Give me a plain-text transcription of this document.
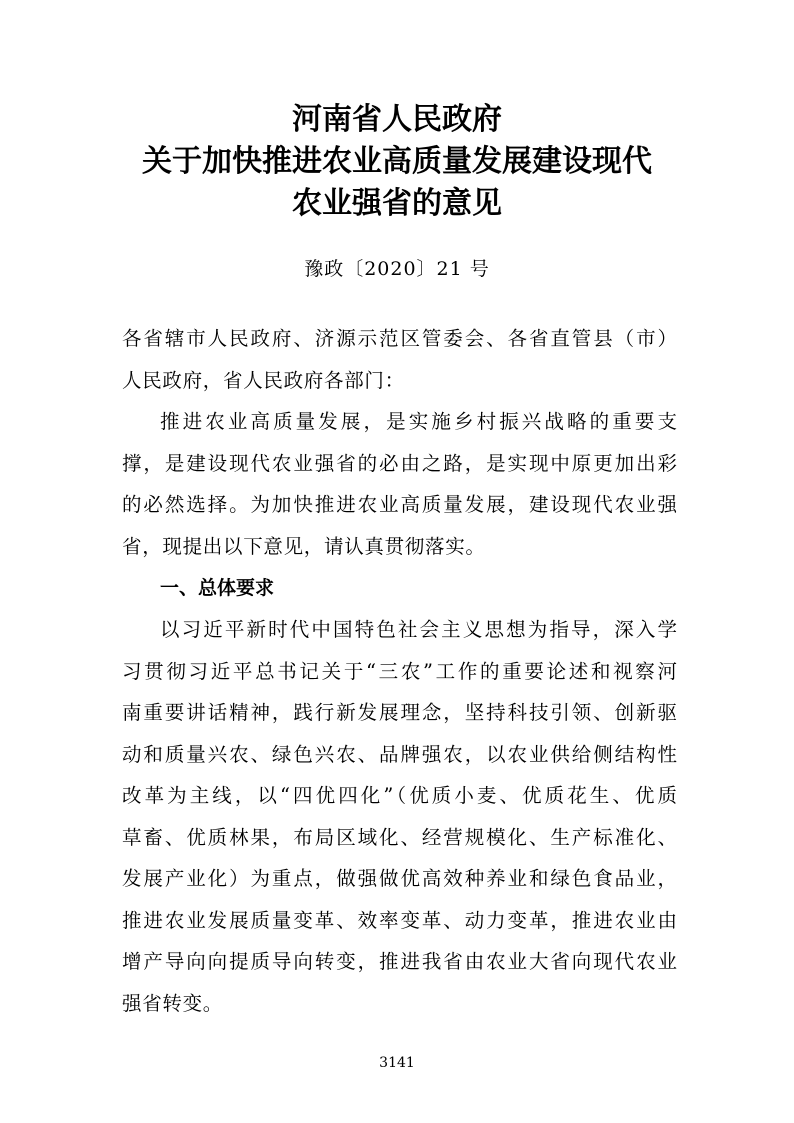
河南省人民政府
关于加快推进农业高质量发展建设现代
农业强省的意见
豫政〔2020〕21 号
各省辖市人民政府、济源示范区管委会、各省直管县（市）
人民政府，省人民政府各部门：
推进农业高质量发展，是实施乡村振兴战略的重要支
撑，是建设现代农业强省的必由之路，是实现中原更加出彩
的必然选择。为加快推进农业高质量发展，建设现代农业强
省，现提出以下意见，请认真贯彻落实。
一、总体要求
以习近平新时代中国特色社会主义思想为指导，深入学
习贯彻习近平总书记关于“三农”工作的重要论述和视察河
南重要讲话精神，践行新发展理念，坚持科技引领、创新驱
动和质量兴农、绿色兴农、品牌强农，以农业供给侧结构性
改革为主线，以“四优四化”（优质小麦、优质花生、优质
草畜、优质林果，布局区域化、经营规模化、生产标准化、
发展产业化）为重点，做强做优高效种养业和绿色食品业，
推进农业发展质量变革、效率变革、动力变革，推进农业由
增产导向向提质导向转变，推进我省由农业大省向现代农业
强省转变。
3141
